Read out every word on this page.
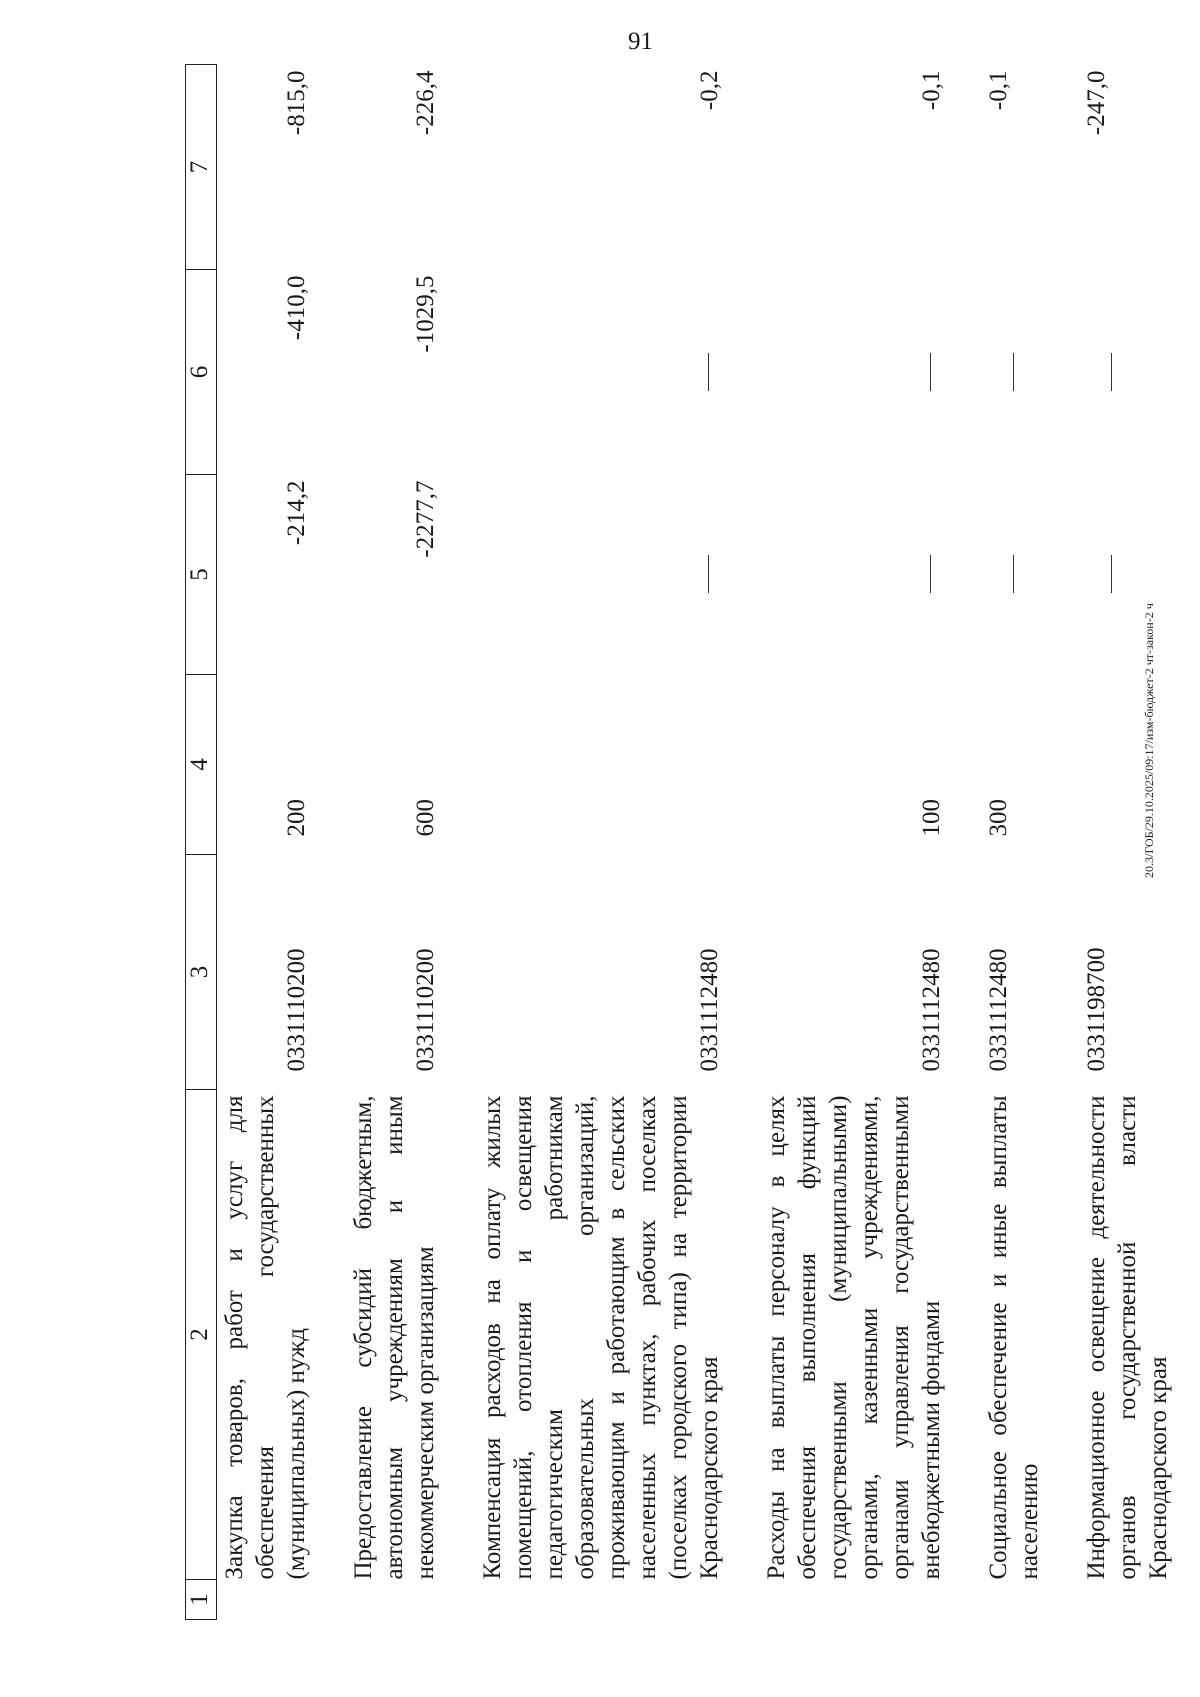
91
20.3/ГОБ/29.10.2025/09:17/изм-бюджет-2 чт-закон-2 ч
1	2	3	4	5	6	7
	Закупка товаров, работ и услуг для обеспечения государственных (муниципальных) нужд	0331110200	200	-214,2	-410,0	-815,0

	Предоставление субсидий бюджетным, автономным учреждениям и иным некоммерческим организациям	0331110200	600	-2277,7	-1029,5	-226,4

	Компенсация расходов на оплату жилых помещений, отопления и освещения педагогическим работникам образовательных организаций, проживающим и работающим в сельских населенных пунктах, рабочих поселках (поселках городского типа) на территории Краснодарского края	0331112480				-0,2

	Расходы на выплаты персоналу в целях обеспечения выполнения функций государственными (муниципальными) органами, казенными учреждениями, органами управления государственными внебюджетными фондами	0331112480	100			-0,1

	Социальное обеспечение и иные выплаты населению	0331112480	300			-0,1

	Информационное освещение деятельности органов государственной власти Краснодарского края	0331198700				-247,0
